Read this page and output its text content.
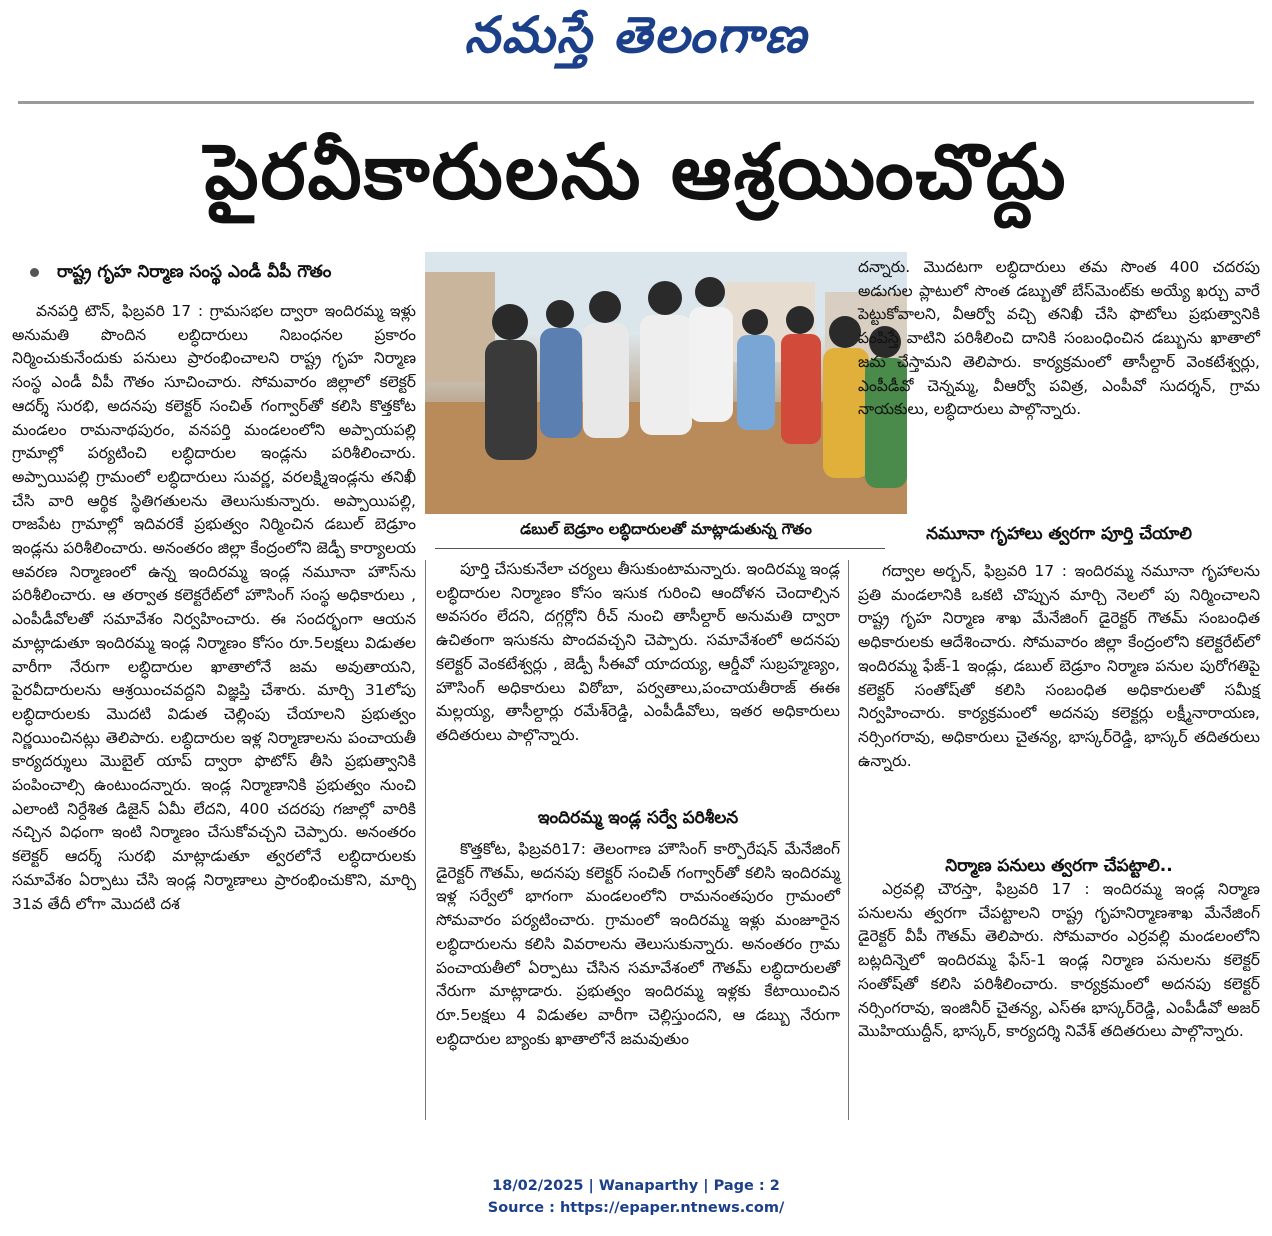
నమస్తే తెలంగాణ
పైరవీకారులను ఆశ్రయించొద్దు
రాష్ట్ర గృహ నిర్మాణ సంస్థ ఎండీ వీపీ గౌతం

వనపర్తి టౌన్, ఫిబ్రవరి 17 : గ్రామసభల ద్వారా ఇందిరమ్మ ఇళ్లు అనుమతి పొందిన లబ్ధిదారులు నిబంధనల ప్రకారం నిర్మించుకునేందుకు పనులు ప్రారంభించాలని రాష్ట్ర గృహ నిర్మాణ సంస్థ ఎండీ వీపీ గౌతం సూచించారు. సోమవారం జిల్లాలో కలెక్టర్ ఆదర్శ్ సురభి, అదనపు కలెక్టర్ సంచిత్ గంగ్వార్‌తో కలిసి కొత్తకోట మండలం రామనాథపురం, వనపర్తి మండలంలోని అప్పాయపల్లి గ్రామాల్లో పర్యటించి లబ్ధిదారుల ఇండ్లను పరిశీలించారు. అప్పాయిపల్లి గ్రామంలో లబ్ధిదారులు సువర్ణ, వరలక్ష్మిఇండ్లను తనిఖీ చేసి వారి ఆర్థిక స్థితిగతులను తెలుసుకున్నారు. అప్పాయిపల్లి, రాజపేట గ్రామాల్లో ఇదివరకే ప్రభుత్వం నిర్మించిన డబుల్ బెడ్రూం ఇండ్లను పరిశీలించారు. అనంతరం జిల్లా కేంద్రంలోని జెడ్పీ కార్యాలయ ఆవరణ నిర్మాణంలో ఉన్న ఇందిరమ్మ ఇండ్ల నమూనా హౌస్‌ను పరిశీలించారు. ఆ తర్వాత కలెక్టరేట్‌లో హౌసింగ్ సంస్థ అధికారులు , ఎంపీడీవోలతో సమావేశం నిర్వహించారు. ఈ సందర్భంగా ఆయన మాట్లాడుతూ ఇందిరమ్మ ఇండ్ల నిర్మాణం కోసం రూ.5లక్షలు విడుతల వారీగా నేరుగా లబ్ధిదారుల ఖాతాలోనే జమ అవుతాయని, పైరవీదారులను ఆశ్రయించవద్దని విజ్ఞప్తి చేశారు. మార్చి 31లోపు లబ్ధిదారులకు మొదటి విడుత చెల్లింపు చేయాలని ప్రభుత్వం నిర్ణయించినట్లు తెలిపారు. లబ్ధిదారుల ఇళ్ల నిర్మాణాలను పంచాయతీ కార్యదర్శులు మొబైల్ యాప్ ద్వారా ఫొటోస్ తీసి ప్రభుత్వానికి పంపించాల్సి ఉంటుందన్నారు. ఇండ్ల నిర్మాణానికి ప్రభుత్వం నుంచి ఎలాంటి నిర్దేశిత డిజైన్ ఏమీ లేదని, 400 చదరపు గజాల్లో వారికి నచ్చిన విధంగా ఇంటి నిర్మాణం చేసుకోవచ్చని చెప్పారు. అనంతరం కలెక్టర్ ఆదర్శ్ సురభి మాట్లాడుతూ త్వరలోనే లబ్ధిదారులకు సమావేశం ఏర్పాటు చేసి ఇండ్ల నిర్మాణాలు ప్రారంభించుకొని, మార్చి 31వ తేదీ లోగా మొదటి దశ

డబుల్ బెడ్రూం లబ్ధిదారులతో మాట్లాడుతున్న గౌతం

పూర్తి చేసుకునేలా చర్యలు తీసుకుంటామన్నారు. ఇందిరమ్మ ఇండ్ల లబ్ధిదారుల నిర్మాణం కోసం ఇసుక గురించి ఆందోళన చెందాల్సిన అవసరం లేదని, దగ్గర్లోని రీచ్ నుంచి తాసీల్దార్ అనుమతి ద్వారా ఉచితంగా ఇసుకను పొందవచ్చని చెప్పారు. సమావేశంలో అదనపు కలెక్టర్ వెంకటేశ్వర్లు , జెడ్పీ సీఈవో యాదయ్య, ఆర్డీవో సుబ్రహ్మణ్యం, హౌసింగ్ అధికారులు విఠోబా, పర్వతాలు,పంచాయతీరాజ్ ఈఈ మల్లయ్య, తాసీల్దార్లు రమేశ్‌రెడ్డి, ఎంపీడీవోలు, ఇతర అధికారులు తదితరులు పాల్గొన్నారు.

ఇందిరమ్మ ఇండ్ల సర్వే పరిశీలన

కొత్తకోట, ఫిబ్రవరి17: తెలంగాణ హౌసింగ్ కార్పొరేషన్ మేనేజింగ్ డైరెక్టర్ గౌతమ్, అదనపు కలెక్టర్ సంచిత్ గంగ్వార్‌తో కలిసి ఇందిరమ్మ ఇళ్ల సర్వేలో భాగంగా మండలంలోని రామనంతపురం గ్రామంలో సోమవారం పర్యటించారు. గ్రామంలో ఇందిరమ్మ ఇళ్లు మంజూరైన లబ్ధిదారులను కలిసి వివరాలను తెలుసుకున్నారు. అనంతరం గ్రామ పంచాయతీలో ఏర్పాటు చేసిన సమావేశంలో గౌతమ్ లబ్ధిదారులతో నేరుగా మాట్లాడారు. ప్రభుత్వం ఇందిరమ్మ ఇళ్లకు కేటాయించిన రూ.5లక్షలు 4 విడుతల వారీగా చెల్లిస్తుందని, ఆ డబ్బు నేరుగా లబ్ధిదారుల బ్యాంకు ఖాతాలోనే జమవుతుం

దన్నారు. మొదటగా లబ్ధిదారులు తమ సొంత 400 చదరపు అడుగుల ప్లాటులో సొంత డబ్బుతో బేస్‌మెంట్‌కు అయ్యే ఖర్చు వారే పెట్టుకోవాలని, వీఆర్వో వచ్చి తనిఖీ చేసి ఫొటోలు ప్రభుత్వానికి పంపిస్తే వాటిని పరిశీలించి దానికి సంబంధించిన డబ్బును ఖాతాలో జమ చేస్తామని తెలిపారు. కార్యక్రమంలో తాసీల్దార్ వెంకటేశ్వర్లు, ఎంపీడీవో చెన్నమ్మ, వీఆర్వో పవిత్ర, ఎంపీవో సుదర్శన్, గ్రామ నాయకులు, లబ్ధిదారులు పాల్గొన్నారు.

నమూనా గృహాలు త్వరగా పూర్తి చేయాలి

గద్వాల అర్బన్, ఫిబ్రవరి 17 : ఇందిరమ్మ నమూనా గృహాలను ప్రతి మండలానికి ఒకటి చొప్పున మార్చి నెలలో పు నిర్మించాలని రాష్ట్ర గృహ నిర్మాణ శాఖ మేనేజింగ్ డైరెక్టర్ గౌతమ్ సంబంధిత అధికారులకు ఆదేశించారు. సోమవారం జిల్లా కేంద్రంలోని కలెక్టరేట్‌లో ఇందిరమ్మ ఫేజ్-1 ఇండ్లు, డబుల్ బెడ్రూం నిర్మాణ పనుల పురోగతిపై కలెక్టర్ సంతోష్‌తో కలిసి సంబంధిత అధికారులతో సమీక్ష నిర్వహించారు. కార్యక్రమంలో అదనపు కలెక్టర్లు లక్ష్మీనారాయణ, నర్సింగరావు, అధికారులు చైతన్య, భాస్కర్‌రెడ్డి, భాస్కర్ తదితరులు ఉన్నారు.

నిర్మాణ పనులు త్వరగా చేపట్టాలి..

ఎర్రవల్లి చౌరస్తా, ఫిబ్రవరి 17 : ఇందిరమ్మ ఇండ్ల నిర్మాణ పనులను త్వరగా చేపట్టాలని రాష్ట్ర గృహనిర్మాణశాఖ మేనేజింగ్ డైరెక్టర్ వీపీ గౌతమ్ తెలిపారు. సోమవారం ఎర్రవల్లి మండలంలోని బట్లదిన్నెలో ఇందిరమ్మ ఫేస్-1 ఇండ్ల నిర్మాణ పనులను కలెక్టర్ సంతోష్‌తో కలిసి పరిశీలించారు. కార్యక్రమంలో అదనపు కలెక్టర్ నర్సింగరావు, ఇంజినీర్ చైతన్య, ఎస్ఈ భాస్కర్‌రెడ్డి, ఎంపీడీవో అజర్ మొహియుద్దీన్, భాస్కర్, కార్యదర్శి నివేశ్ తదితరులు పాల్గొన్నారు.

18/02/2025 | Wanaparthy | Page : 2
Source : https://epaper.ntnews.com/
